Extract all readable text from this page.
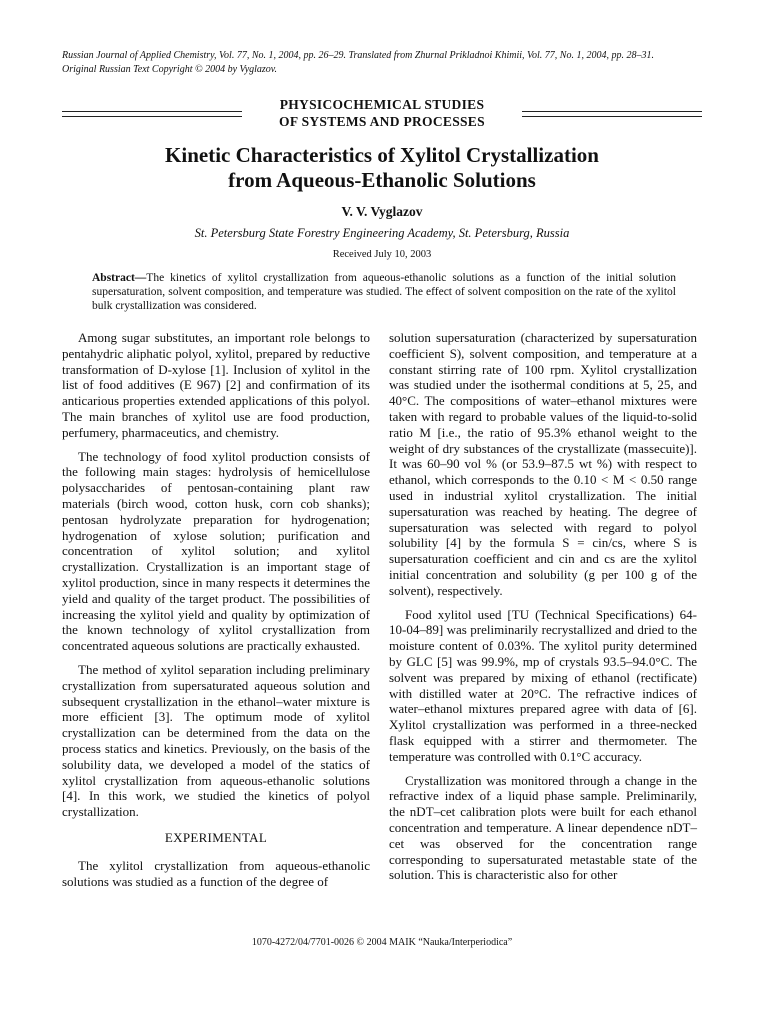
Russian Journal of Applied Chemistry, Vol. 77, No. 1, 2004, pp. 26–29. Translated from Zhurnal Prikladnoi Khimii, Vol. 77, No. 1, 2004, pp. 28–31.

Original Russian Text Copyright © 2004 by Vyglazov.

PHYSICOCHEMICAL STUDIES
OF SYSTEMS AND PROCESSES
Kinetic Characteristics of Xylitol Crystallization
from Aqueous-Ethanolic Solutions
V. V. Vyglazov
St. Petersburg State Forestry Engineering Academy, St. Petersburg, Russia
Received July 10, 2003
Abstract—The kinetics of xylitol crystallization from aqueous-ethanolic solutions as a function of the initial solution supersaturation, solvent composition, and temperature was studied. The effect of solvent composition on the rate of the xylitol bulk crystallization was considered.

Among sugar substitutes, an important role belongs to pentahydric aliphatic polyol, xylitol, prepared by reductive transformation of D-xylose [1]. Inclusion of xylitol in the list of food additives (E 967) [2] and confirmation of its anticarious properties extended applications of this polyol. The main branches of xylitol use are food production, perfumery, pharmaceutics, and chemistry.

The technology of food xylitol production consists of the following main stages: hydrolysis of hemicellulose polysaccharides of pentosan-containing plant raw materials (birch wood, cotton husk, corn cob shanks); pentosan hydrolyzate preparation for hydrogenation; hydrogenation of xylose solution; purification and concentration of xylitol solution; and xylitol crystallization. Crystallization is an important stage of xylitol production, since in many respects it determines the yield and quality of the target product. The possibilities of increasing the xylitol yield and quality by optimization of the known technology of xylitol crystallization from concentrated aqueous solutions are practically exhausted.

The method of xylitol separation including preliminary crystallization from supersaturated aqueous solution and subsequent crystallization in the ethanol–water mixture is more efficient [3]. The optimum mode of xylitol crystallization can be determined from the data on the process statics and kinetics. Previously, on the basis of the solubility data, we developed a model of the statics of xylitol crystallization from aqueous-ethanolic solutions [4]. In this work, we studied the kinetics of polyol crystallization.

EXPERIMENTAL

The xylitol crystallization from aqueous-ethanolic solutions was studied as a function of the degree of

solution supersaturation (characterized by supersaturation coefficient S), solvent composition, and temperature at a constant stirring rate of 100 rpm. Xylitol crystallization was studied under the isothermal conditions at 5, 25, and 40°C. The compositions of water–ethanol mixtures were taken with regard to probable values of the liquid-to-solid ratio M [i.e., the ratio of 95.3% ethanol weight to the weight of dry substances of the crystallizate (massecuite)]. It was 60–90 vol % (or 53.9–87.5 wt %) with respect to ethanol, which corresponds to the 0.10 < M < 0.50 range used in industrial xylitol crystallization. The initial supersaturation was reached by heating. The degree of supersaturation was selected with regard to polyol solubility [4] by the formula S = cin/cs, where S is supersaturation coefficient and cin and cs are the xylitol initial concentration and solubility (g per 100 g of the solvent), respectively.

Food xylitol used [TU (Technical Specifications) 64-10-04–89] was preliminarily recrystallized and dried to the moisture content of 0.03%. The xylitol purity determined by GLC [5] was 99.9%, mp of crystals 93.5–94.0°C. The solvent was prepared by mixing of ethanol (rectificate) with distilled water at 20°C. The refractive indices of water–ethanol mixtures prepared agree with data of [6]. Xylitol crystallization was performed in a three-necked flask equipped with a stirrer and thermometer. The temperature was controlled with 0.1°C accuracy.

Crystallization was monitored through a change in the refractive index of a liquid phase sample. Preliminarily, the nDT–cet calibration plots were built for each ethanol concentration and temperature. A linear dependence nDT–cet was observed for the concentration range corresponding to supersaturated metastable state of the solution. This is characteristic also for other

1070-4272/04/7701-0026 © 2004 MAIK “Nauka/Interperiodica”
